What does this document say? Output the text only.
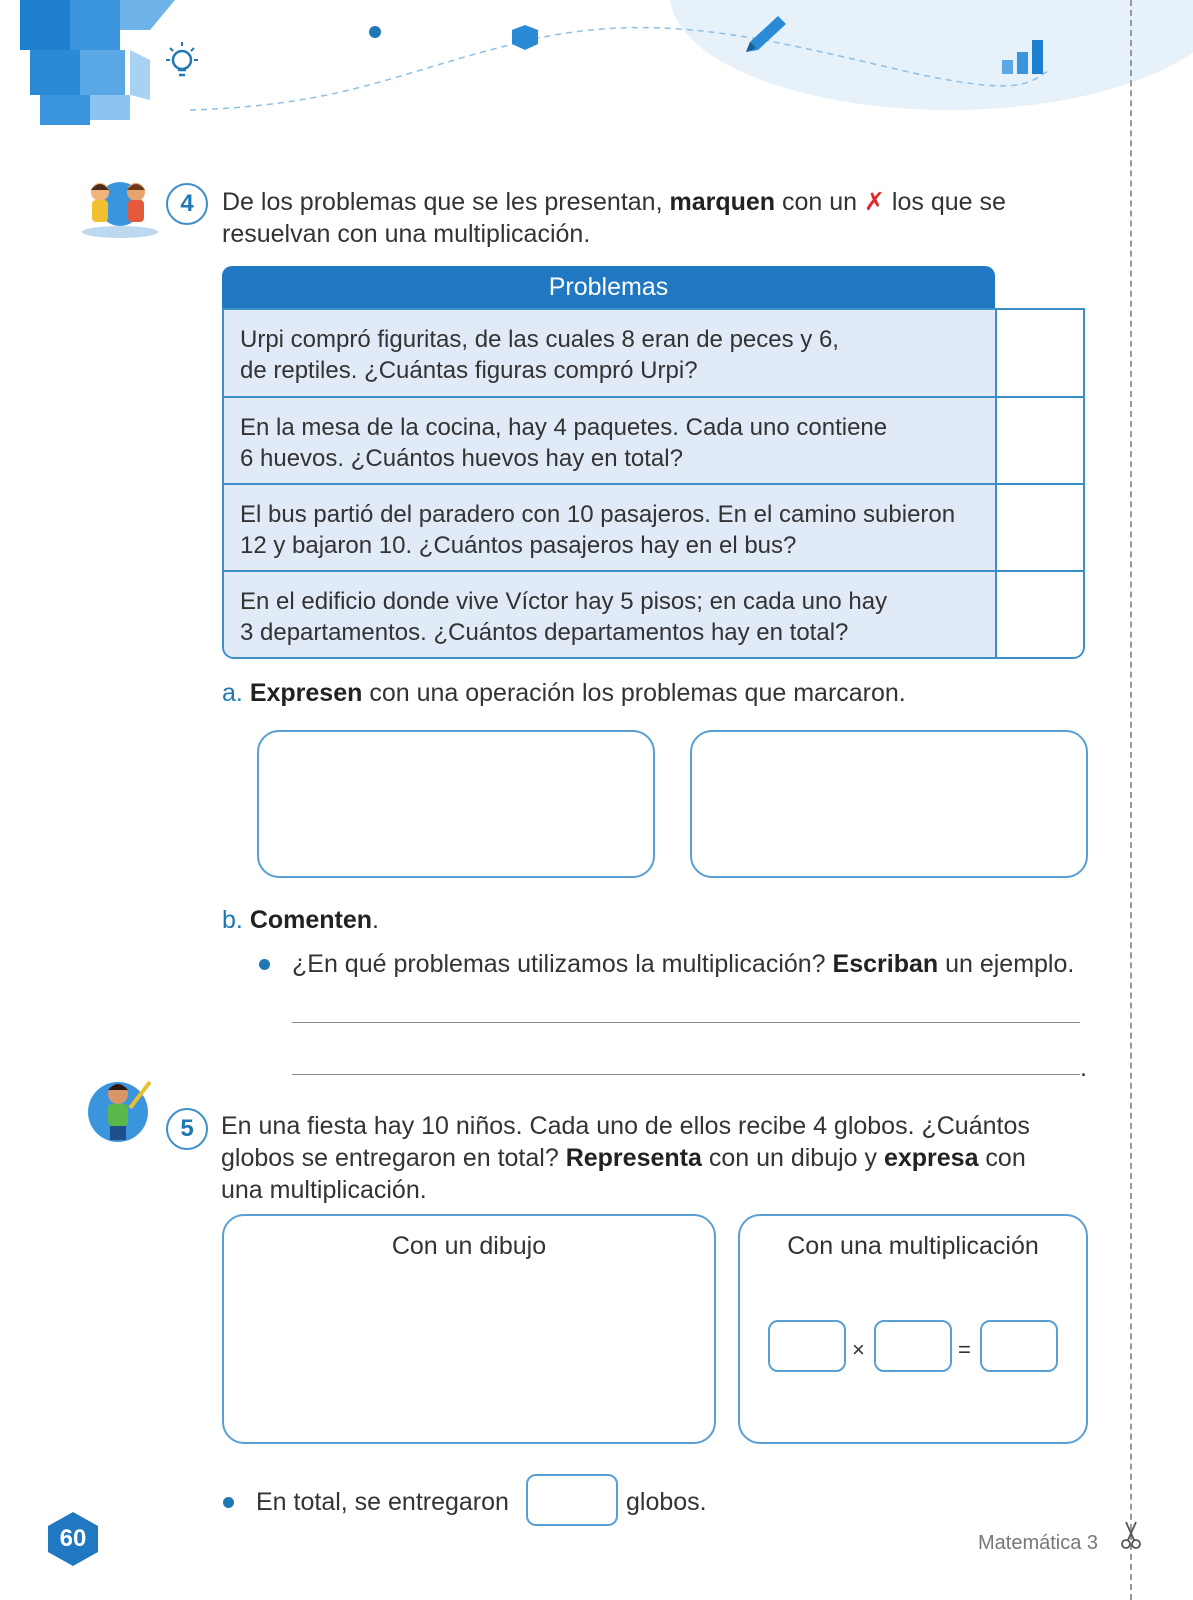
4	De los problemas que se les presentan, marquen con un ✗ los que se
resuelvan con una multiplicación.
Problemas
Urpi compró figuritas, de las cuales 8 eran de peces y 6,
de reptiles. ¿Cuántas figuras compró Urpi?
En la mesa de la cocina, hay 4 paquetes. Cada uno contiene
6 huevos. ¿Cuántos huevos hay en total?
El bus partió del paradero con 10 pasajeros. En el camino subieron
12 y bajaron 10. ¿Cuántos pasajeros hay en el bus?
En el edificio donde vive Víctor hay 5 pisos; en cada uno hay
3 departamentos. ¿Cuántos departamentos hay en total?
a. Expresen con una operación los problemas que marcaron.
b. Comenten.
¿En qué problemas utilizamos la multiplicación? Escriban un ejemplo.
.
5	En una fiesta hay 10 niños. Cada uno de ellos recibe 4 globos. ¿Cuántos
globos se entregaron en total? Representa con un dibujo y expresa con
una multiplicación.
Con un dibujo	Con una multiplicación
×	=
En total, se entregaron	globos.
60	Matemática 3
